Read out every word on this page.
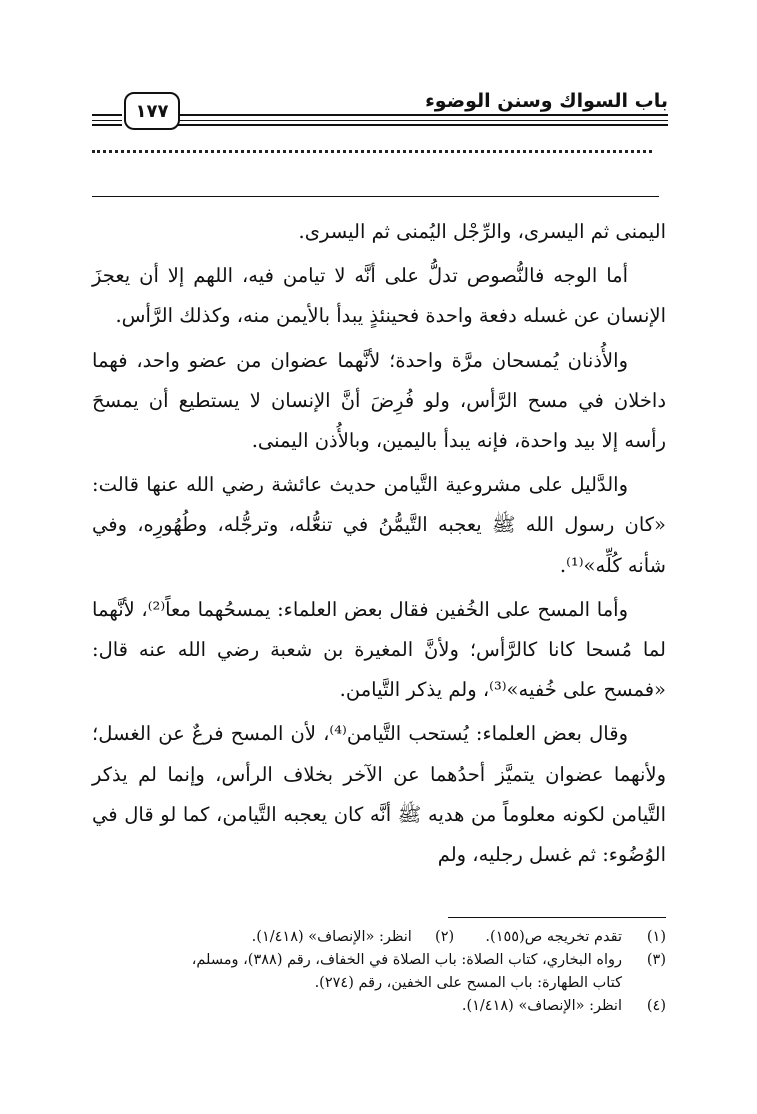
باب السواك وسنن الوضوء
١٧٧

اليمنى ثم اليسرى، والرِّجْل اليُمنى ثم اليسرى.

أما الوجه فالنُّصوص تدلُّ على أنَّه لا تيامن فيه، اللهم إلا أن يعجزَ الإنسان عن غسله دفعة واحدة فحينئذٍ يبدأ بالأيمن منه، وكذلك الرَّأس.

والأُذنان يُمسحان مرَّة واحدة؛ لأنَّهما عضوان من عضو واحد، فهما داخلان في مسح الرَّأس، ولو فُرِضَ أنَّ الإنسان لا يستطيع أن يمسحَ رأسه إلا بيد واحدة، فإنه يبدأ باليمين، وبالأُذن اليمنى.

والدَّليل على مشروعية التَّيامن حديث عائشة رضي الله عنها قالت: «كان رسول الله ﷺ يعجبه التَّيمُّنُ في تنعُّله، وترجُّله، وطُهُورِه، وفي شأنه كُلِّه»⁽¹⁾.

وأما المسح على الخُفين فقال بعض العلماء: يمسحُهما معاً⁽²⁾، لأنَّهما لما مُسحا كانا كالرَّأس؛ ولأنَّ المغيرة بن شعبة رضي الله عنه قال: «فمسح على خُفيه»⁽³⁾، ولم يذكر التَّيامن.

وقال بعض العلماء: يُستحب التَّيامن⁽⁴⁾، لأن المسح فرعٌ عن الغسل؛ ولأنهما عضوان يتميَّز أحدُهما عن الآخر بخلاف الرأس، وإنما لم يذكر التَّيامن لكونه معلوماً من هديه ﷺ أنَّه كان يعجبه التَّيامن، كما لو قال في الوُضُوء: ثم غسل رجليه، ولم

(١)
تقدم تخريجه ص(١٥٥).  (٢)  انظر: «الإنصاف» (١/٤١٨).
(٣)
رواه البخاري، كتاب الصلاة: باب الصلاة في الخفاف، رقم (٣٨٨)، ومسلم،
كتاب الطهارة: باب المسح على الخفين، رقم (٢٧٤).
(٤)
انظر: «الإنصاف» (١/٤١٨).
